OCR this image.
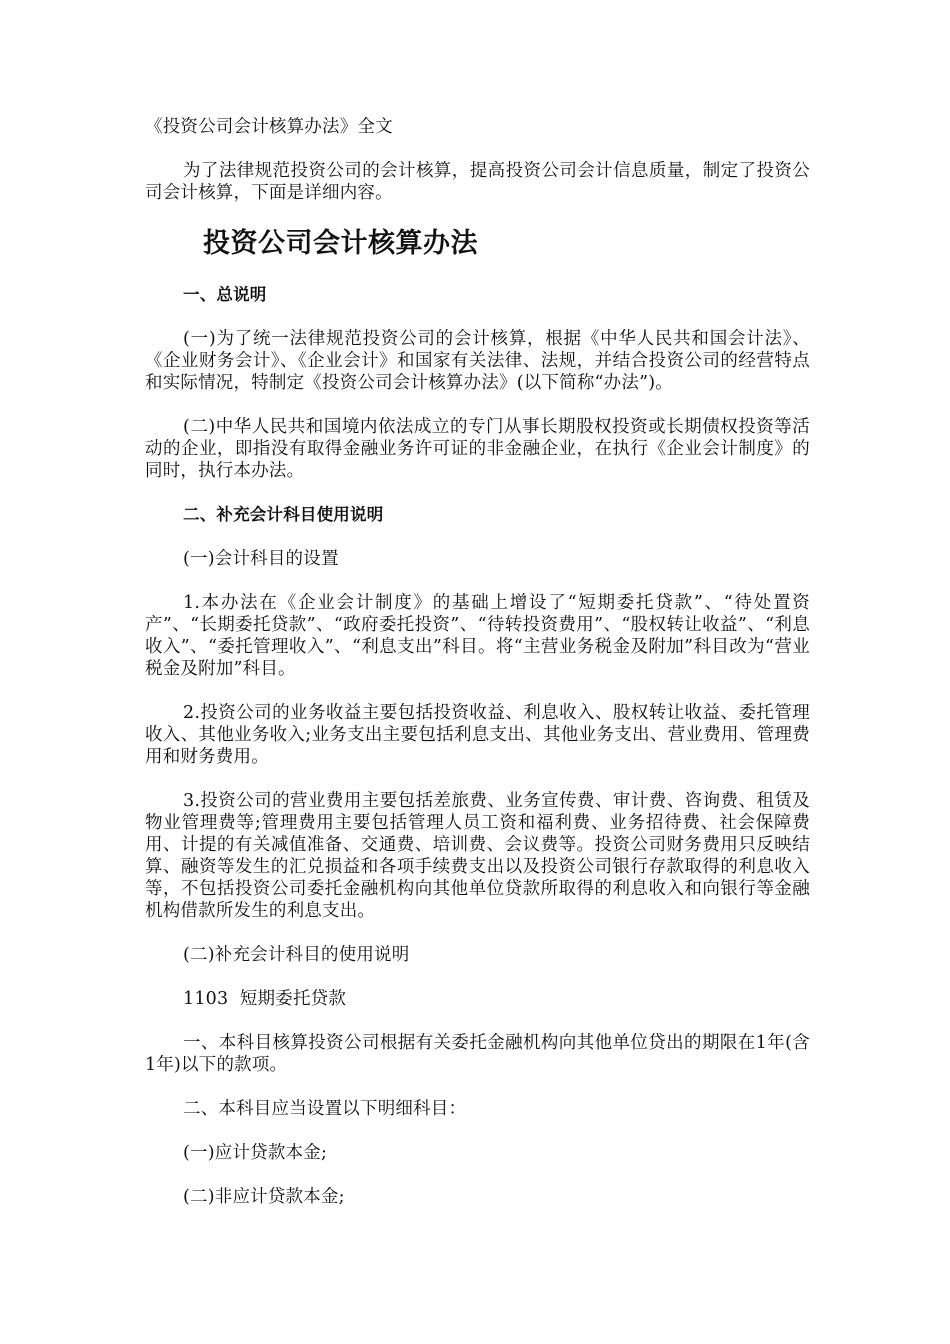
《投资公司会计核算办法》全文

为了法律规范投资公司的会计核算，提高投资公司会计信息质量，制定了投资公司会计核算，下面是详细内容。

投资公司会计核算办法

一、总说明

(一)为了统一法律规范投资公司的会计核算，根据《中华人民共和国会计法》、《企业财务会计》、《企业会计》和国家有关法律、法规，并结合投资公司的经营特点和实际情况，特制定《投资公司会计核算办法》(以下简称“办法”)。

(二)中华人民共和国境内依法成立的专门从事长期股权投资或长期债权投资等活动的企业，即指没有取得金融业务许可证的非金融企业，在执行《企业会计制度》的同时，执行本办法。

二、补充会计科目使用说明

(一)会计科目的设置

1.本办法在《企业会计制度》的基础上增设了“短期委托贷款”、“待处置资产”、“长期委托贷款”、“政府委托投资”、“待转投资费用”、“股权转让收益”、“利息收入”、“委托管理收入”、“利息支出”科目。将“主营业务税金及附加”科目改为“营业税金及附加”科目。

2.投资公司的业务收益主要包括投资收益、利息收入、股权转让收益、委托管理收入、其他业务收入;业务支出主要包括利息支出、其他业务支出、营业费用、管理费用和财务费用。

3.投资公司的营业费用主要包括差旅费、业务宣传费、审计费、咨询费、租赁及物业管理费等;管理费用主要包括管理人员工资和福利费、业务招待费、社会保障费用、计提的有关减值准备、交通费、培训费、会议费等。投资公司财务费用只反映结算、融资等发生的汇兑损益和各项手续费支出以及投资公司银行存款取得的利息收入等，不包括投资公司委托金融机构向其他单位贷款所取得的利息收入和向银行等金融机构借款所发生的利息支出。

(二)补充会计科目的使用说明

1103  短期委托贷款

一、本科目核算投资公司根据有关委托金融机构向其他单位贷出的期限在1年(含1年)以下的款项。

二、本科目应当设置以下明细科目：

(一)应计贷款本金;

(二)非应计贷款本金;
